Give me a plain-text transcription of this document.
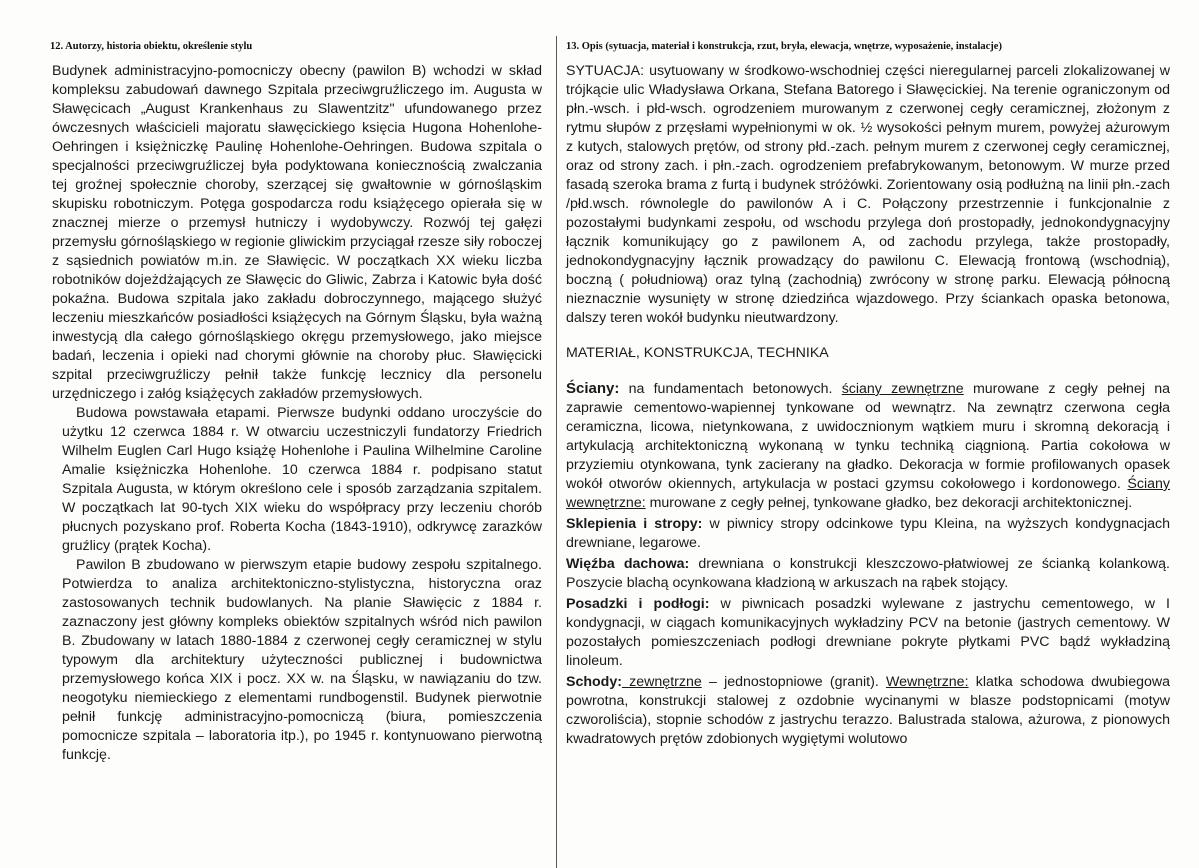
12. Autorzy, historia obiektu, określenie stylu

Budynek administracyjno-pomocniczy obecny (pawilon B) wchodzi w skład kompleksu zabudowań dawnego Szpitala przeciwgruźliczego im. Augusta w Sławęcicach „August Krankenhaus zu Slawentzitz" ufundowanego przez ówczesnych właścicieli majoratu sławęcickiego księcia Hugona Hohenlohe-Oehringen i księżniczkę Paulinę Hohenlohe-Oehringen. Budowa szpitala o specjalności przeciwgruźliczej była podyktowana koniecznością zwalczania tej groźnej społecznie choroby, szerzącej się gwałtownie w górnośląskim skupisku robotniczym. Potęga gospodarcza rodu książęcego opierała się w znacznej mierze o przemysł hutniczy i wydobywczy. Rozwój tej gałęzi przemysłu górnośląskiego w regionie gliwickim przyciągał rzesze siły roboczej z sąsiednich powiatów m.in. ze Sławięcic. W początkach XX wieku liczba robotników dojeżdżających ze Sławęcic do Gliwic, Zabrza i Katowic była dość pokaźna. Budowa szpitala jako zakładu dobroczynnego, mającego służyć leczeniu mieszkańców posiadłości książęcych na Górnym Śląsku, była ważną inwestycją dla całego górnośląskiego okręgu przemysłowego, jako miejsce badań, leczenia i opieki nad chorymi głównie na choroby płuc. Sławięcicki szpital przeciwgruźliczy pełnił także funkcję lecznicy dla personelu urzędniczego i załóg książęcych zakładów przemysłowych.

Budowa powstawała etapami. Pierwsze budynki oddano uroczyście do użytku 12 czerwca 1884 r. W otwarciu uczestniczyli fundatorzy Friedrich Wilhelm Euglen Carl Hugo książę Hohenlohe i Paulina Wilhelmine Caroline Amalie księżniczka Hohenlohe. 10 czerwca 1884 r. podpisano statut Szpitala Augusta, w którym określono cele i sposób zarządzania szpitalem. W początkach lat 90-tych XIX wieku do współpracy przy leczeniu chorób płucnych pozyskano prof. Roberta Kocha (1843-1910), odkrywcę zarazków gruźlicy (prątek Kocha).

Pawilon B zbudowano w pierwszym etapie budowy zespołu szpitalnego. Potwierdza to analiza architektoniczno-stylistyczna, historyczna oraz zastosowanych technik budowlanych. Na planie Sławięcic z 1884 r. zaznaczony jest główny kompleks obiektów szpitalnych wśród nich pawilon B. Zbudowany w latach 1880-1884 z czerwonej cegły ceramicznej w stylu typowym dla architektury użyteczności publicznej i budownictwa przemysłowego końca XIX i pocz. XX w. na Śląsku, w nawiązaniu do tzw. neogotyku niemieckiego z elementami rundbogenstil. Budynek pierwotnie pełnił funkcję administracyjno-pomocniczą (biura, pomieszczenia pomocnicze szpitala – laboratoria itp.), po 1945 r. kontynuowano pierwotną funkcję.

13. Opis (sytuacja, materiał i konstrukcja, rzut, bryła, elewacja, wnętrze, wyposażenie, instalacje)

SYTUACJA: usytuowany w środkowo-wschodniej części nieregularnej parceli zlokalizowanej w trójkącie ulic Władysława Orkana, Stefana Batorego i Sławęcickiej. Na terenie ograniczonym od płn.-wsch. i płd-wsch. ogrodzeniem murowanym z czerwonej cegły ceramicznej, złożonym z rytmu słupów z przęsłami wypełnionymi w ok. ½ wysokości pełnym murem, powyżej ażurowym z kutych, stalowych prętów, od strony płd.-zach. pełnym murem z czerwonej cegły ceramicznej, oraz od strony zach. i płn.-zach. ogrodzeniem prefabrykowanym, betonowym. W murze przed fasadą szeroka brama z furtą i budynek stróżówki. Zorientowany osią podłużną na linii płn.-zach /płd.wsch. równolegle do pawilonów A i C. Połączony przestrzennie i funkcjonalnie z pozostałymi budynkami zespołu, od wschodu przylega doń prostopadły, jednokondygnacyjny łącznik komunikujący go z pawilonem A, od zachodu przylega, także prostopadły, jednokondygnacyjny łącznik prowadzący do pawilonu C. Elewacją frontową (wschodnią), boczną ( południową) oraz tylną (zachodnią) zwrócony w stronę parku. Elewacją północną nieznacznie wysunięty w stronę dziedzińca wjazdowego. Przy ściankach opaska betonowa, dalszy teren wokół budynku nieutwardzony.

MATERIAŁ, KONSTRUKCJA, TECHNIKA

Ściany: na fundamentach betonowych. ściany zewnętrzne murowane z cegły pełnej na zaprawie cementowo-wapiennej tynkowane od wewnątrz. Na zewnątrz czerwona cegła ceramiczna, licowa, nietynkowana, z uwidocznionym wątkiem muru i skromną dekoracją i artykulacją architektoniczną wykonaną w tynku techniką ciągnioną. Partia cokołowa w przyziemiu otynkowana, tynk zacierany na gładko. Dekoracja w formie profilowanych opasek wokół otworów okiennych, artykulacja w postaci gzymsu cokołowego i kordonowego. Ściany wewnętrzne: murowane z cegły pełnej, tynkowane gładko, bez dekoracji architektonicznej.

Sklepienia i stropy: w piwnicy stropy odcinkowe typu Kleina, na wyższych kondygnacjach drewniane, legarowe.

Więźba dachowa: drewniana o konstrukcji kleszczowo-płatwiowej ze ścianką kolankową. Poszycie blachą ocynkowana kładzioną w arkuszach na rąbek stojący.

Posadzki i podłogi: w piwnicach posadzki wylewane z jastrychu cementowego, w I kondygnacji, w ciągach komunikacyjnych wykładziny PCV na betonie (jastrych cementowy. W pozostałych pomieszczeniach podłogi drewniane pokryte płytkami PVC bądź wykładziną linoleum.

Schody: zewnętrzne – jednostopniowe (granit). Wewnętrzne: klatka schodowa dwubiegowa powrotna, konstrukcji stalowej z ozdobnie wycinanymi w blasze podstopnicami (motyw czworoliścia), stopnie schodów z jastrychu terazzo. Balustrada stalowa, ażurowa, z pionowych kwadratowych prętów zdobionych wygiętymi wolutowo
